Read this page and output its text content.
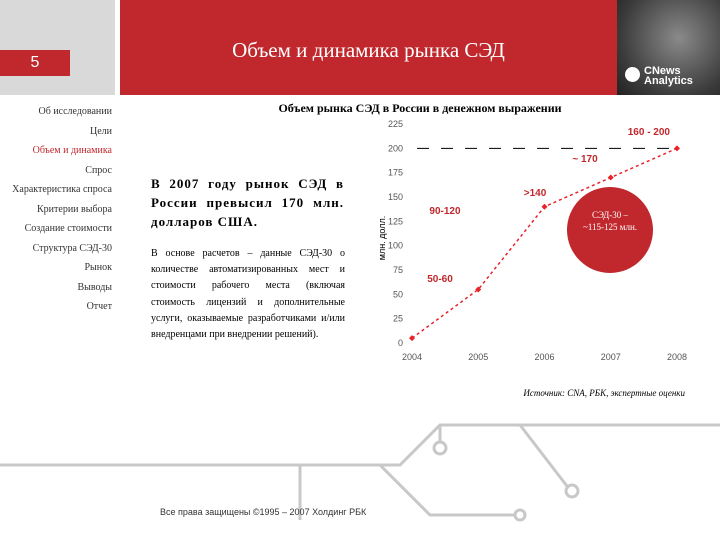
5
Объем и динамика рынка СЭД
CNews
Analytics
Об исследовании
Цели
Объем и динамика
Спрос
Характеристика спроса
Критерии выбора
Создание стоимости
Структура СЭД-30
Рынок
Выводы
Отчет
Объем рынка СЭД в России в денежном выражении
В 2007 году рынок СЭД в России превысил 170 млн. долларов США.
В основе расчетов – данные СЭД-30 о количестве автоматизированных мест и стоимости рабочего места (включая стоимость лицензий и дополнительные услуги, оказываемые разработчиками и/или внедренцами при внедрении решений).
млн. долл.
0
25
50
75
100
125
150
175
200
225
2004	2005	2006	2007	2008
160 - 200
СЭД-30 –
~115-125 млн.
50-60
90-120
>140
~ 170
Источник: CNA, РБК, экспертные оценки
Все права защищены ©1995 – 2007 Холдинг РБК
